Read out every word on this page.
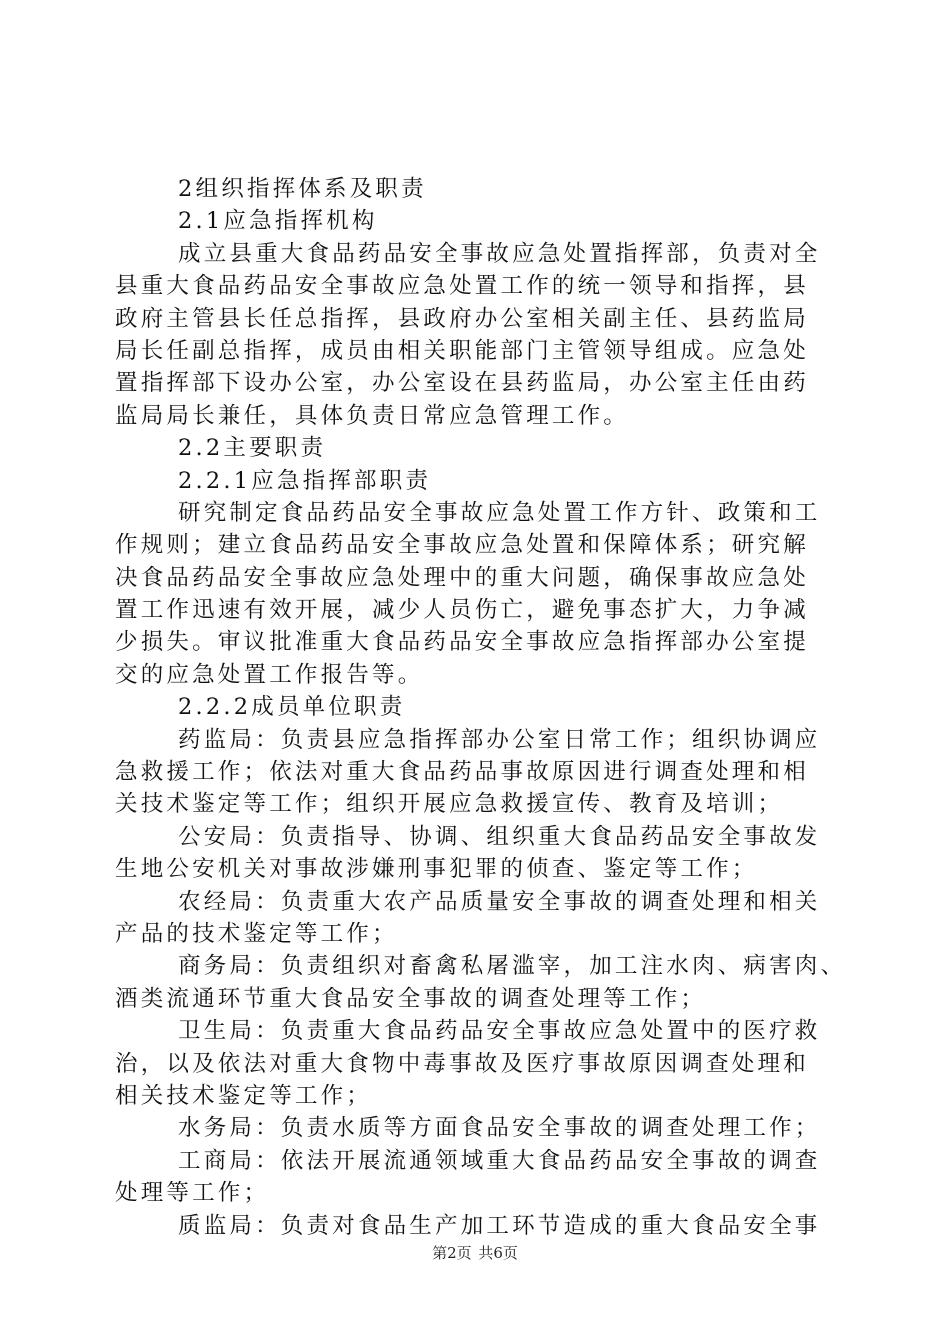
2组织指挥体系及职责
2.1应急指挥机构
成立县重大食品药品安全事故应急处置指挥部，负责对全
县重大食品药品安全事故应急处置工作的统一领导和指挥，县
政府主管县长任总指挥，县政府办公室相关副主任、县药监局
局长任副总指挥，成员由相关职能部门主管领导组成。应急处
置指挥部下设办公室，办公室设在县药监局，办公室主任由药
监局局长兼任，具体负责日常应急管理工作。
2.2主要职责
2.2.1应急指挥部职责
研究制定食品药品安全事故应急处置工作方针、政策和工
作规则；建立食品药品安全事故应急处置和保障体系；研究解
决食品药品安全事故应急处理中的重大问题，确保事故应急处
置工作迅速有效开展，减少人员伤亡，避免事态扩大，力争减
少损失。审议批准重大食品药品安全事故应急指挥部办公室提
交的应急处置工作报告等。
2.2.2成员单位职责
药监局：负责县应急指挥部办公室日常工作；组织协调应
急救援工作；依法对重大食品药品事故原因进行调查处理和相
关技术鉴定等工作；组织开展应急救援宣传、教育及培训；
公安局：负责指导、协调、组织重大食品药品安全事故发
生地公安机关对事故涉嫌刑事犯罪的侦查、鉴定等工作；
农经局：负责重大农产品质量安全事故的调查处理和相关
产品的技术鉴定等工作；
商务局：负责组织对畜禽私屠滥宰，加工注水肉、病害肉、
酒类流通环节重大食品安全事故的调查处理等工作；
卫生局：负责重大食品药品安全事故应急处置中的医疗救
治，以及依法对重大食物中毒事故及医疗事故原因调查处理和
相关技术鉴定等工作；
水务局：负责水质等方面食品安全事故的调查处理工作；
工商局：依法开展流通领域重大食品药品安全事故的调查
处理等工作；
质监局：负责对食品生产加工环节造成的重大食品安全事
第2页 共6页
